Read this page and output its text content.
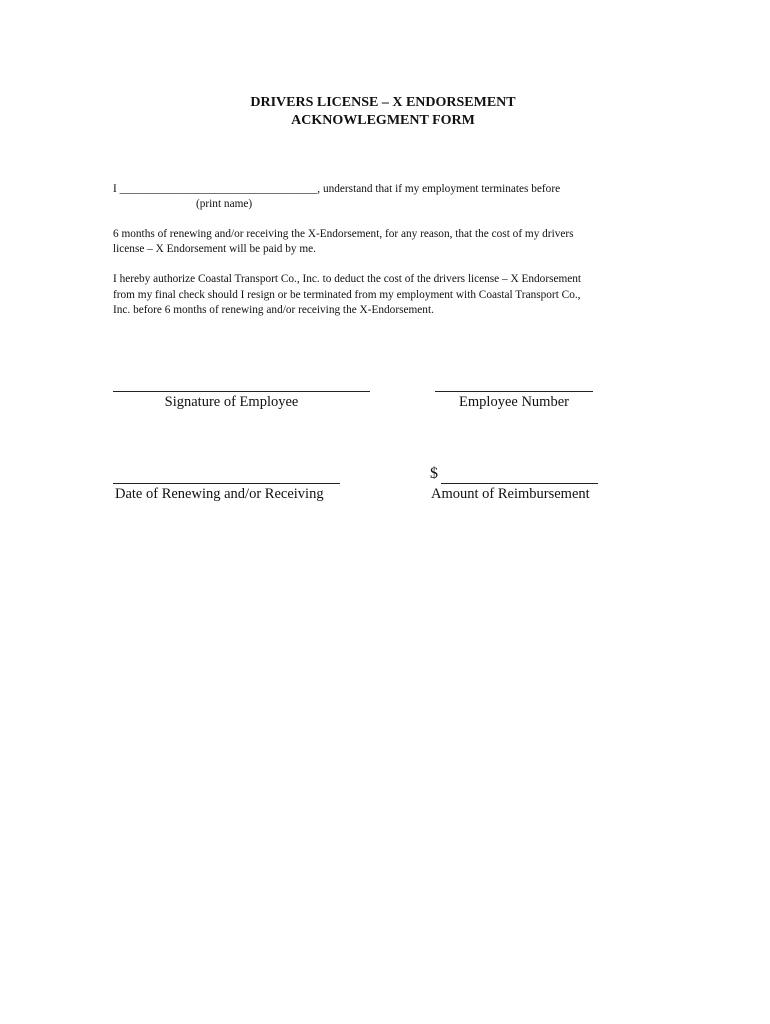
DRIVERS LICENSE – X ENDORSEMENT
ACKNOWLEGMENT FORM
I ___________________________________, understand that if my employment terminates before
(print name)
6 months of renewing and/or receiving the X-Endorsement, for any reason, that the cost of my drivers
license – X Endorsement will be paid by me.
I hereby authorize Coastal Transport Co., Inc. to deduct the cost of the drivers license – X Endorsement
from my final check should I resign or be terminated from my employment with Coastal Transport Co.,
Inc. before 6 months of renewing and/or receiving the X-Endorsement.
Signature of Employee	Employee Number
Date of Renewing and/or Receiving
$
Amount of Reimbursement
